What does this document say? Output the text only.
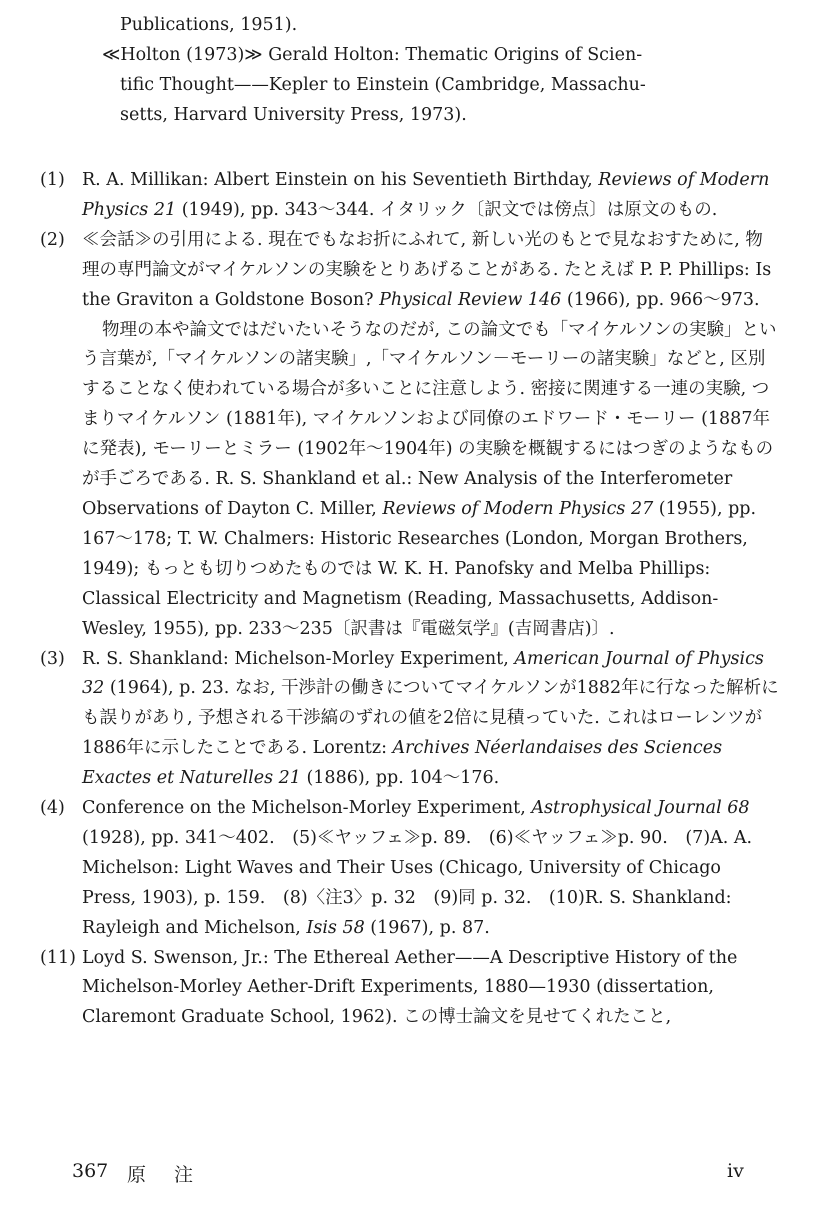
Publications, 1951).
≪Holton (1973)≫ Gerald Holton: Thematic Origins of Scien-
tific Thought——Kepler to Einstein (Cambridge, Massachu-
setts, Harvard University Press, 1973).
(1) R. A. Millikan: Albert Einstein on his Seventieth Birthday, Reviews of Modern Physics 21 (1949), pp. 343～344. イタリック〔訳文では傍点〕は原文のもの.
(2) ≪会話≫の引用による. 現在でもなお折にふれて, 新しい光のもとで見なおすために, 物理の専門論文がマイケルソンの実験をとりあげることがある. たとえば P. P. Phillips: Is the Graviton a Goldstone Boson? Physical Review 146 (1966), pp. 966～973.
物理の本や論文ではだいたいそうなのだが, この論文でも「マイケルソンの実験」という言葉が,「マイケルソンの諸実験」,「マイケルソン－モーリーの諸実験」などと, 区別することなく使われている場合が多いことに注意しよう. 密接に関連する一連の実験, つまりマイケルソン (1881年), マイケルソンおよび同僚のエドワード・モーリー (1887年に発表), モーリーとミラー (1902年～1904年) の実験を概観するにはつぎのようなものが手ごろである. R. S. Shankland et al.: New Analysis of the Interferometer Observations of Dayton C. Miller, Reviews of Modern Physics 27 (1955), pp. 167～178; T. W. Chalmers: Historic Researches (London, Morgan Brothers, 1949); もっとも切りつめたものでは W. K. H. Panofsky and Melba Phillips: Classical Electricity and Magnetism (Reading, Massachusetts, Addison-Wesley, 1955), pp. 233～235〔訳書は『電磁気学』(吉岡書店)〕.
(3) R. S. Shankland: Michelson-Morley Experiment, American Journal of Physics 32 (1964), p. 23. なお, 干渉計の働きについてマイケルソンが1882年に行なった解析にも誤りがあり, 予想される干渉縞のずれの値を2倍に見積っていた. これはローレンツが1886年に示したことである. Lorentz: Archives Néerlandaises des Sciences Exactes et Naturelles 21 (1886), pp. 104～176.
(4) Conference on the Michelson-Morley Experiment, Astrophysical Journal 68 (1928), pp. 341～402.　(5)≪ヤッフェ≫p. 89.　(6)≪ヤッフェ≫p. 90.　(7)A. A. Michelson: Light Waves and Their Uses (Chicago, University of Chicago Press, 1903), p. 159.　(8)〈注3〉p. 32　(9)同 p. 32.　(10)R. S. Shankland: Rayleigh and Michelson, Isis 58 (1967), p. 87.
(11) Loyd S. Swenson, Jr.: The Ethereal Aether——A Descriptive History of the Michelson-Morley Aether-Drift Experiments, 1880—1930 (dissertation, Claremont Graduate School, 1962). この博士論文を見せてくれたこと,
367 原注	iv
